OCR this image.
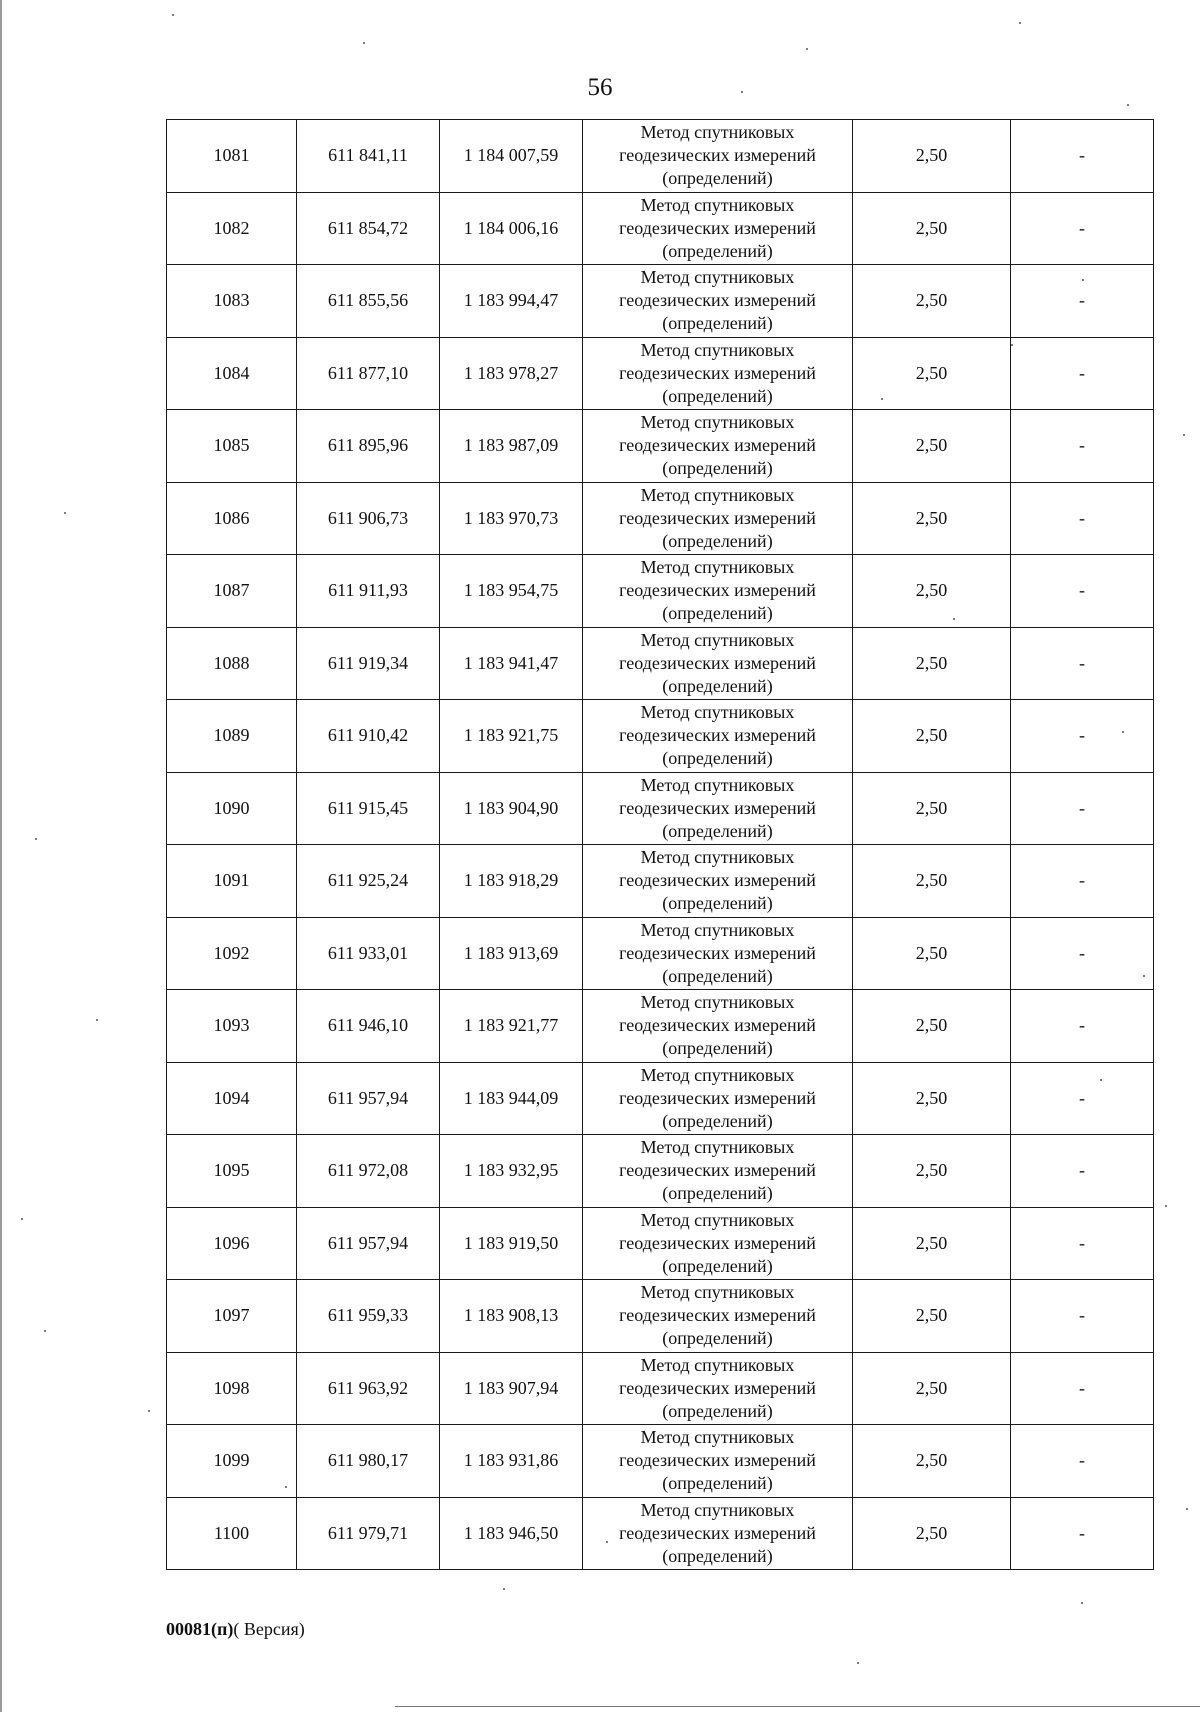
56
1081	611 841,11	1 184 007,59	Метод спутниковых
геодезических измерений
(определений)	2,50	-
1082	611 854,72	1 184 006,16	Метод спутниковых
геодезических измерений
(определений)	2,50	-
1083	611 855,56	1 183 994,47	Метод спутниковых
геодезических измерений
(определений)	2,50	-
1084	611 877,10	1 183 978,27	Метод спутниковых
геодезических измерений
(определений)	2,50	-
1085	611 895,96	1 183 987,09	Метод спутниковых
геодезических измерений
(определений)	2,50	-
1086	611 906,73	1 183 970,73	Метод спутниковых
геодезических измерений
(определений)	2,50	-
1087	611 911,93	1 183 954,75	Метод спутниковых
геодезических измерений
(определений)	2,50	-
1088	611 919,34	1 183 941,47	Метод спутниковых
геодезических измерений
(определений)	2,50	-
1089	611 910,42	1 183 921,75	Метод спутниковых
геодезических измерений
(определений)	2,50	-
1090	611 915,45	1 183 904,90	Метод спутниковых
геодезических измерений
(определений)	2,50	-
1091	611 925,24	1 183 918,29	Метод спутниковых
геодезических измерений
(определений)	2,50	-
1092	611 933,01	1 183 913,69	Метод спутниковых
геодезических измерений
(определений)	2,50	-
1093	611 946,10	1 183 921,77	Метод спутниковых
геодезических измерений
(определений)	2,50	-
1094	611 957,94	1 183 944,09	Метод спутниковых
геодезических измерений
(определений)	2,50	-
1095	611 972,08	1 183 932,95	Метод спутниковых
геодезических измерений
(определений)	2,50	-
1096	611 957,94	1 183 919,50	Метод спутниковых
геодезических измерений
(определений)	2,50	-
1097	611 959,33	1 183 908,13	Метод спутниковых
геодезических измерений
(определений)	2,50	-
1098	611 963,92	1 183 907,94	Метод спутниковых
геодезических измерений
(определений)	2,50	-
1099	611 980,17	1 183 931,86	Метод спутниковых
геодезических измерений
(определений)	2,50	-
1100	611 979,71	1 183 946,50	Метод спутниковых
геодезических измерений
(определений)	2,50	-
00081(п)( Версия)
